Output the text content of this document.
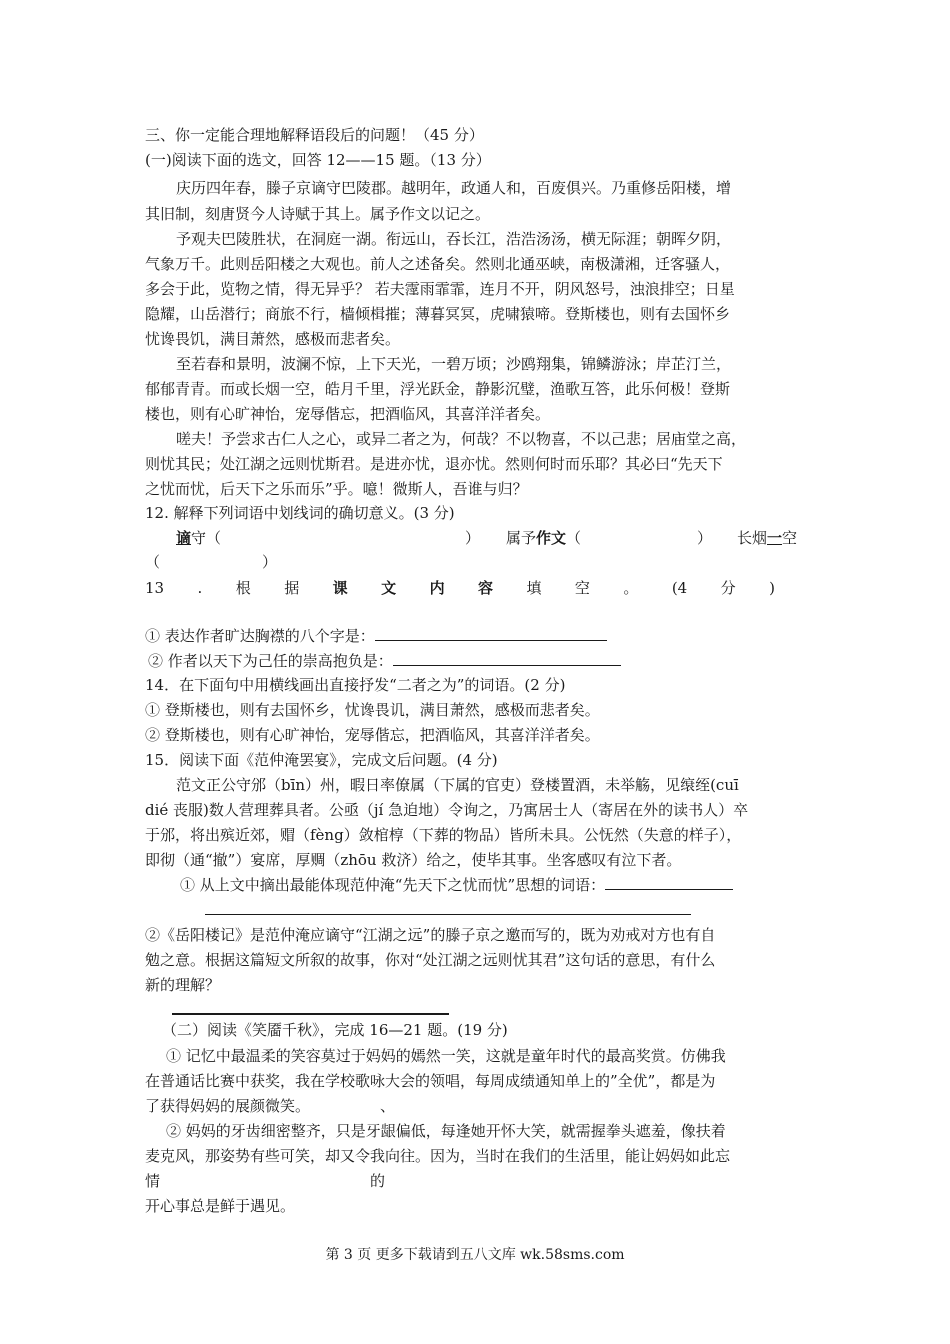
三、你一定能合理地解释语段后的问题！（45 分）
(一)阅读下面的选文，回答 12——15 题。（13 分）
庆历四年春，滕子京谪守巴陵郡。越明年，政通人和，百废俱兴。乃重修岳阳楼，增
其旧制，刻唐贤今人诗赋于其上。属予作文以记之。
予观夫巴陵胜状，在洞庭一湖。衔远山，吞长江，浩浩汤汤，横无际涯；朝晖夕阴，
气象万千。此则岳阳楼之大观也。前人之述备矣。然则北通巫峡，南极潇湘，迁客骚人，
多会于此，览物之情，得无异乎？ 若夫霪雨霏霏，连月不开，阴风怒号，浊浪排空；日星
隐耀，山岳潜行；商旅不行，樯倾楫摧；薄暮冥冥，虎啸猿啼。登斯楼也，则有去国怀乡
忧谗畏饥，满目萧然，感极而悲者矣。
至若春和景明，波澜不惊，上下天光，一碧万顷；沙鸥翔集，锦鳞游泳；岸芷汀兰，
郁郁青青。而或长烟一空，皓月千里，浮光跃金，静影沉璧，渔歌互答，此乐何极！登斯
楼也，则有心旷神怡，宠辱偕忘，把酒临风，其喜洋洋者矣。
嗟夫！予尝求古仁人之心，或异二者之为，何哉？不以物喜，不以己悲；居庙堂之高，
则忧其民；处江湖之远则忧斯君。是进亦忧，退亦忧。然则何时而乐耶？其必曰“先天下
之忧而忧，后天下之乐而乐”乎。噫！微斯人，吾谁与归？
12. 解释下列词语中划线词的确切意义。(3 分)
谪守（	） 属予作文（	） 长烟一空
（	）
13 . 根 据 课 文 内 容 填 空 。 (4 分 )
① 表达作者旷达胸襟的八个字是：
② 作者以天下为己任的崇高抱负是：
14．在下面句中用横线画出直接抒发“二者之为”的词语。(2 分)
① 登斯楼也，则有去国怀乡，忧谗畏讥，满目萧然，感极而悲者矣。
② 登斯楼也，则有心旷神怡，宠辱偕忘，把酒临风，其喜洋洋者矣。
15．阅读下面《范仲淹罢宴》，完成文后问题。(4 分)
范文正公守邠（bīn）州，暇日率僚属（下属的官吏）登楼置酒，未举觞，见缞绖(cuī
dié 丧服)数人营理葬具者。公亟（jí 急迫地）令询之，乃寓居士人（寄居在外的读书人）卒
于邠，将出殡近郊，赗（fèng）敛棺椁（下葬的物品）皆所未具。公怃然（失意的样子），
即彻（通“撤”）宴席，厚赒（zhōu 救济）给之，使毕其事。坐客感叹有泣下者。
① 从上文中摘出最能体现范仲淹“先天下之忧而忧”思想的词语：
②《岳阳楼记》是范仲淹应谪守“江湖之远”的滕子京之邀而写的，既为劝戒对方也有自
勉之意。根据这篇短文所叙的故事，你对“处江湖之远则忧其君”这句话的意思，有什么
新的理解？
（二）阅读《笑靥千秋》，完成 16—21 题。(19 分)
① 记忆中最温柔的笑容莫过于妈妈的嫣然一笑，这就是童年时代的最高奖赏。仿佛我
在普通话比赛中获奖，我在学校歌咏大会的领唱，每周成绩通知单上的”全优”，都是为
了获得妈妈的展颜微笑。	、
② 妈妈的牙齿细密整齐，只是牙龈偏低，每逢她开怀大笑，就需握拳头遮羞，像扶着
麦克风，那姿势有些可笑，却又令我向往。因为，当时在我们的生活里，能让妈妈如此忘
情	的
开心事总是鲜于遇见。
第 3 页 更多下载请到五八文库 wk.58sms.com
